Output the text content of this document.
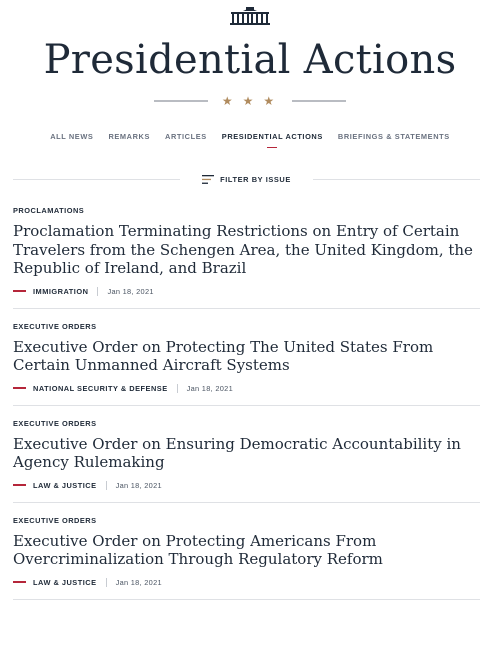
Presidential Actions
★★★
ALL NEWS REMARKS ARTICLES PRESIDENTIAL ACTIONS BRIEFINGS & STATEMENTS
FILTER BY ISSUE
PROCLAMATIONS
Proclamation Terminating Restrictions on Entry of Certain Travelers from the Schengen Area, the United Kingdom, the Republic of Ireland, and Brazil
IMMIGRATION	Jan 18, 2021
EXECUTIVE ORDERS
Executive Order on Protecting The United States From Certain Unmanned Aircraft Systems
NATIONAL SECURITY & DEFENSE	Jan 18, 2021
EXECUTIVE ORDERS
Executive Order on Ensuring Democratic Accountability in Agency Rulemaking
LAW & JUSTICE	Jan 18, 2021
EXECUTIVE ORDERS
Executive Order on Protecting Americans From Overcriminalization Through Regulatory Reform
LAW & JUSTICE	Jan 18, 2021
